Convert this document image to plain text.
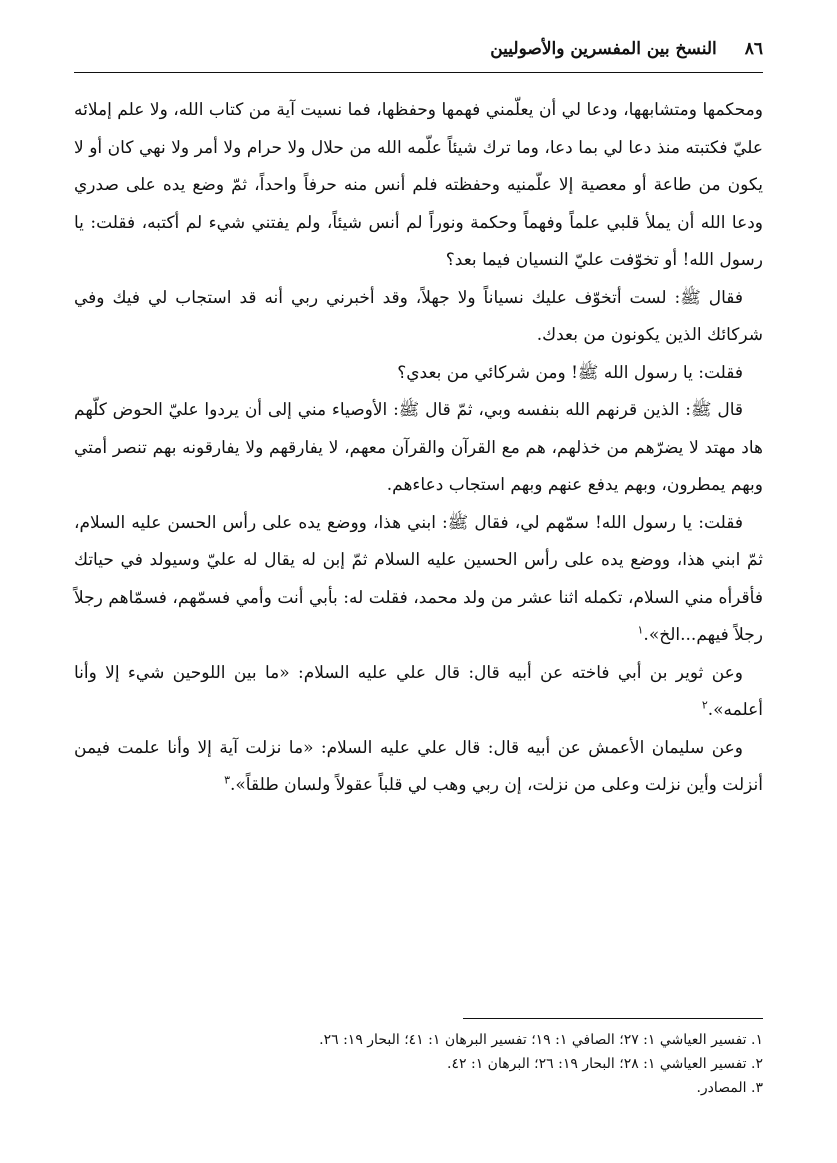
٨٦
النسخ بين المفسرين والأصوليين

ومحكمها ومتشابهها، ودعا لي أن يعلّمني فهمها وحفظها، فما نسيت آية من كتاب الله، ولا علم إملائه عليّ فكتبته منذ دعا لي بما دعا، وما ترك شيئاً علّمه الله من حلال ولا حرام ولا أمر ولا نهي كان أو لا يكون من طاعة أو معصية إلا علّمنيه وحفظته فلم أنس منه حرفاً واحداً، ثمّ وضع يده على صدري ودعا الله أن يملأ قلبي علماً وفهماً وحكمة ونوراً لم أنس شيئاً، ولم يفتني شيء لم أكتبه، فقلت: يا رسول الله! أو تخوّفت عليّ النسيان فيما بعد؟

فقال ﷺ: لست أتخوّف عليك نسياناً ولا جهلاً، وقد أخبرني ربي أنه قد استجاب لي فيك وفي شركائك الذين يكونون من بعدك.

فقلت: يا رسول الله ﷺ! ومن شركائي من بعدي؟

قال ﷺ: الذين قرنهم الله بنفسه وبي، ثمّ قال ﷺ: الأوصياء مني إلى أن يردوا عليّ الحوض كلّهم هاد مهتد لا يضرّهم من خذلهم، هم مع القرآن والقرآن معهم، لا يفارقهم ولا يفارقونه بهم تنصر أمتي وبهم يمطرون، وبهم يدفع عنهم وبهم استجاب دعاءهم.

فقلت: يا رسول الله! سمّهم لي، فقال ﷺ: ابني هذا، ووضع يده على رأس الحسن عليه السلام، ثمّ ابني هذا، ووضع يده على رأس الحسين عليه السلام ثمّ إبن له يقال له عليّ وسيولد في حياتك فأقرأه مني السلام، تكمله اثنا عشر من ولد محمد، فقلت له: بأبي أنت وأمي فسمّهم، فسمّاهم رجلاً رجلاً فيهم...الخ».$^١$

وعن ثوير بن أبي فاخته عن أبيه قال: قال علي عليه السلام: «ما بين اللوحين شيء إلا وأنا أعلمه».$^٢$

وعن سليمان الأعمش عن أبيه قال: قال علي عليه السلام: «ما نزلت آية إلا وأنا علمت فيمن أنزلت وأين نزلت وعلى من نزلت، إن ربي وهب لي قلباً عقولاً ولسان طلقاً».$^٣$

١. تفسير العياشي ١: ٢٧؛ الصافي ١: ١٩؛ تفسير البرهان ١: ٤١؛ البحار ١٩: ٢٦.
٢. تفسير العياشي ١: ٢٨؛ البحار ١٩: ٢٦؛ البرهان ١: ٤٢.
٣. المصادر.
